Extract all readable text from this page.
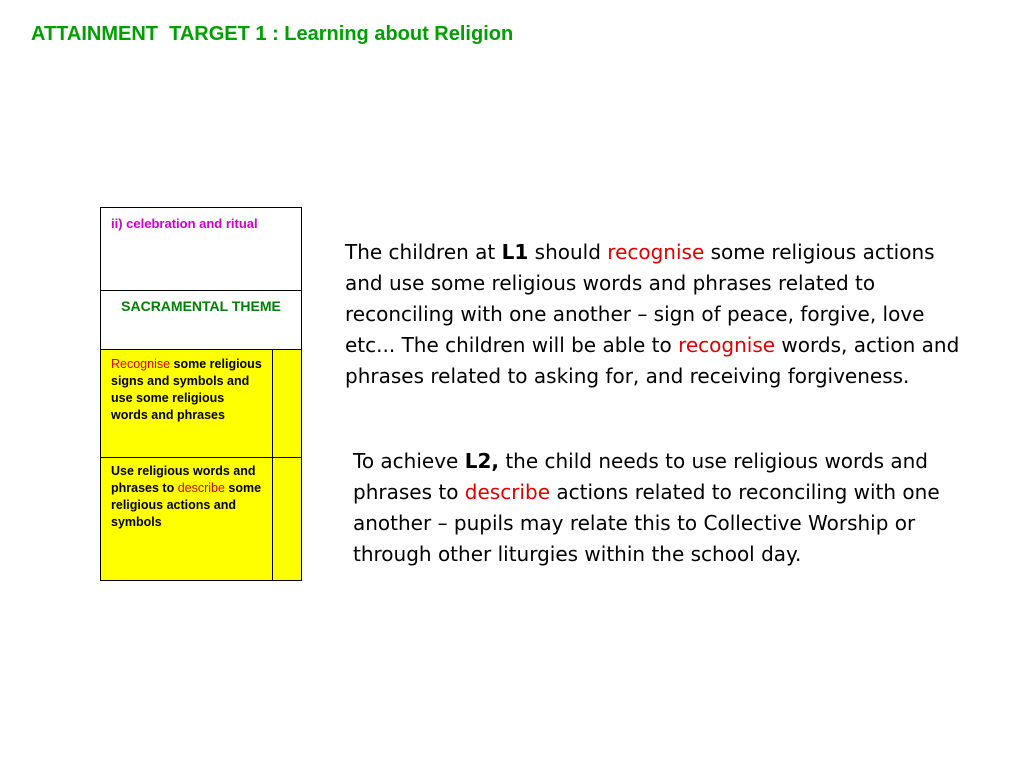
ATTAINMENT  TARGET 1 : Learning about Religion
ii) celebration and ritual	
SACRAMENTAL THEME	
Recognise some religious signs and symbols and use some religious words and phrases	
Use religious words and phrases to describe some religious actions and symbols	

The children at L1 should recognise some religious actions and use some religious words and phrases related to reconciling with one another – sign of peace, forgive, love etc... The children will be able to recognise words, action and phrases related to asking for, and receiving forgiveness.

To achieve L2, the child needs to use religious words and phrases to describe actions related to reconciling with one another – pupils may relate this to Collective Worship or through other liturgies within the school day.
